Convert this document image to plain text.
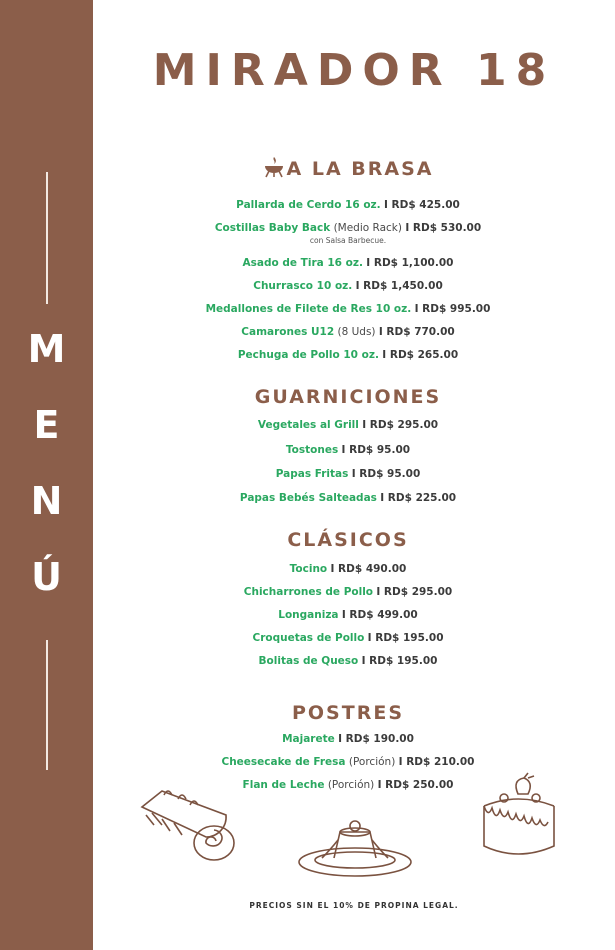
M
E
N
Ú
MIRADOR 18
A LA BRASA
Pallarda de Cerdo 16 oz. I RD$ 425.00
Costillas Baby Back (Medio Rack) I RD$ 530.00
con Salsa Barbecue.
Asado de Tira 16 oz. I RD$ 1,100.00
Churrasco 10 oz. I RD$ 1,450.00
Medallones de Filete de Res 10 oz. I RD$ 995.00
Camarones U12 (8 Uds) I RD$ 770.00
Pechuga de Pollo 10 oz. I RD$ 265.00
GUARNICIONES
Vegetales al Grill I RD$ 295.00
Tostones I RD$ 95.00
Papas Fritas I RD$ 95.00
Papas Bebés Salteadas I RD$ 225.00
CLÁSICOS
Tocino I RD$ 490.00
Chicharrones de Pollo I RD$ 295.00
Longaniza I RD$ 499.00
Croquetas de Pollo I RD$ 195.00
Bolitas de Queso I RD$ 195.00
POSTRES
Majarete I RD$ 190.00
Cheesecake de Fresa (Porción) I RD$ 210.00
Flan de Leche (Porción) I RD$ 250.00
PRECIOS SIN EL 10% DE PROPINA LEGAL.
